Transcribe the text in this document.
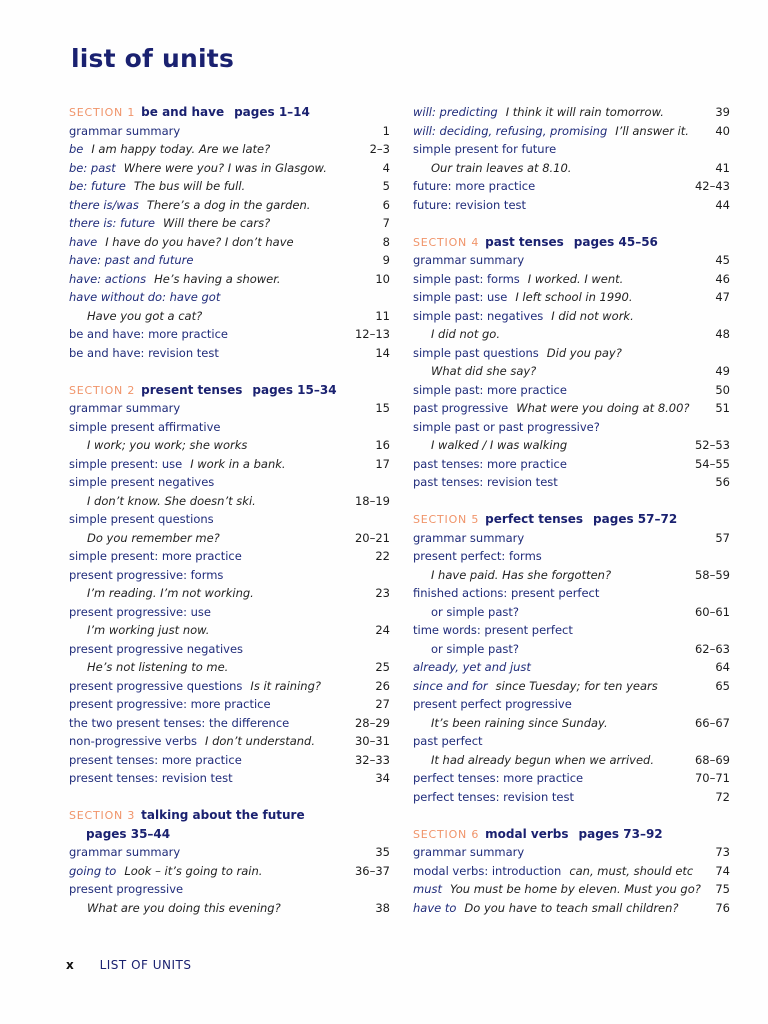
list of units
SECTION 1 be and have pages 1–14
grammar summary	1
be I am happy today. Are we late?	2–3
be: past Where were you? I was in Glasgow.	4
be: future The bus will be full.	5
there is/was There’s a dog in the garden.	6
there is: future Will there be cars?	7
have I have do you have? I don’t have	8
have: past and future	9
have: actions He’s having a shower.	10
have without do: have got
Have you got a cat?	11
be and have: more practice	12–13
be and have: revision test	14
SECTION 2 present tenses pages 15–34
grammar summary	15
simple present affirmative
I work; you work; she works	16
simple present: use I work in a bank.	17
simple present negatives
I don’t know. She doesn’t ski.	18–19
simple present questions
Do you remember me?	20–21
simple present: more practice	22
present progressive: forms
I’m reading. I’m not working.	23
present progressive: use
I’m working just now.	24
present progressive negatives
He’s not listening to me.	25
present progressive questions Is it raining?	26
present progressive: more practice	27
the two present tenses: the difference	28–29
non-progressive verbs I don’t understand.	30–31
present tenses: more practice	32–33
present tenses: revision test	34
SECTION 3 talking about the future
pages 35–44
grammar summary	35
going to Look – it’s going to rain.	36–37
present progressive
What are you doing this evening?	38
will: predicting I think it will rain tomorrow.	39
will: deciding, refusing, promising I’ll answer it. 40
simple present for future
Our train leaves at 8.10.	41
future: more practice	42–43
future: revision test	44
SECTION 4 past tenses pages 45–56
grammar summary	45
simple past: forms I worked. I went.	46
simple past: use I left school in 1990.	47
simple past: negatives I did not work.
I did not go.	48
simple past questions Did you pay?
What did she say?	49
simple past: more practice	50
past progressive What were you doing at 8.00? 51
simple past or past progressive?
I walked / I was walking	52–53
past tenses: more practice	54–55
past tenses: revision test	56
SECTION 5 perfect tenses pages 57–72
grammar summary	57
present perfect: forms
I have paid. Has she forgotten?	58–59
finished actions: present perfect
or simple past?	60–61
time words: present perfect
or simple past?	62–63
already, yet and just	64
since and for since Tuesday; for ten years	65
present perfect progressive
It’s been raining since Sunday.	66–67
past perfect
It had already begun when we arrived.	68–69
perfect tenses: more practice	70–71
perfect tenses: revision test	72
SECTION 6 modal verbs pages 73–92
grammar summary	73
modal verbs: introduction can, must, should etc 74
must You must be home by eleven. Must you go? 75
have to Do you have to teach small children?	76
x LIST OF UNITS
